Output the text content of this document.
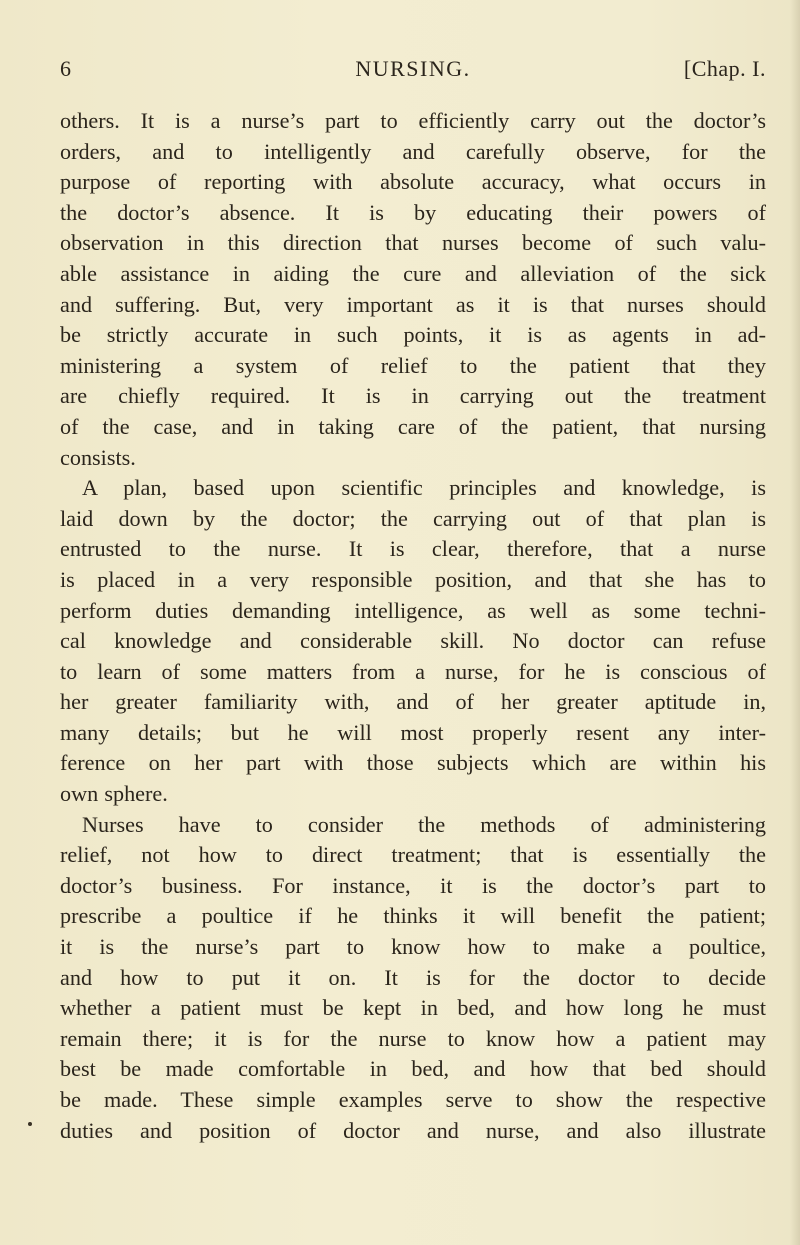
6	NURSING.	[Chap. I.
others. It is a nurse’s part to efficiently carry out the doctor’s
orders, and to intelligently and carefully observe, for the
purpose of reporting with absolute accuracy, what occurs in
the doctor’s absence. It is by educating their powers of
observation in this direction that nurses become of such valu-
able assistance in aiding the cure and alleviation of the sick
and suffering. But, very important as it is that nurses should
be strictly accurate in such points, it is as agents in ad-
ministering a system of relief to the patient that they
are chiefly required. It is in carrying out the treatment
of the case, and in taking care of the patient, that nursing
consists.
A plan, based upon scientific principles and knowledge, is
laid down by the doctor; the carrying out of that plan is
entrusted to the nurse. It is clear, therefore, that a nurse
is placed in a very responsible position, and that she has to
perform duties demanding intelligence, as well as some techni-
cal knowledge and considerable skill. No doctor can refuse
to learn of some matters from a nurse, for he is conscious of
her greater familiarity with, and of her greater aptitude in,
many details; but he will most properly resent any inter-
ference on her part with those subjects which are within his
own sphere.
Nurses have to consider the methods of administering
relief, not how to direct treatment; that is essentially the
doctor’s business. For instance, it is the doctor’s part to
prescribe a poultice if he thinks it will benefit the patient;
it is the nurse’s part to know how to make a poultice,
and how to put it on. It is for the doctor to decide
whether a patient must be kept in bed, and how long he must
remain there; it is for the nurse to know how a patient may
best be made comfortable in bed, and how that bed should
be made. These simple examples serve to show the respective
duties and position of doctor and nurse, and also illustrate
